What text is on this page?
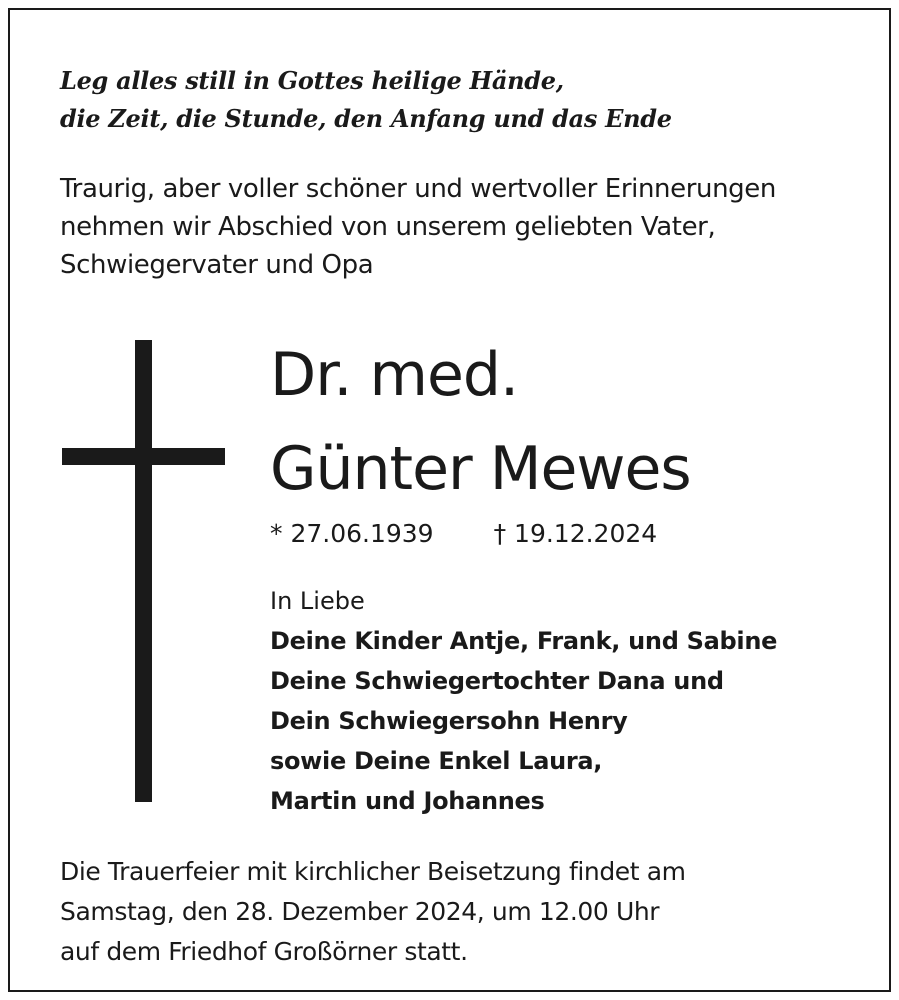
Leg alles still in Gottes heilige Hände,
die Zeit, die Stunde, den Anfang und das Ende
Traurig, aber voller schöner und wertvoller Erinnerungen
nehmen wir Abschied von unserem geliebten Vater,
Schwiegervater und Opa
Dr. med.
Günter Mewes
* 27.06.1939 † 19.12.2024
In Liebe
Deine Kinder Antje, Frank, und Sabine
Deine Schwiegertochter Dana und
Dein Schwiegersohn Henry
sowie Deine Enkel Laura,
Martin und Johannes
Die Trauerfeier mit kirchlicher Beisetzung findet am
Samstag, den 28. Dezember 2024, um 12.00 Uhr
auf dem Friedhof Großörner statt.
